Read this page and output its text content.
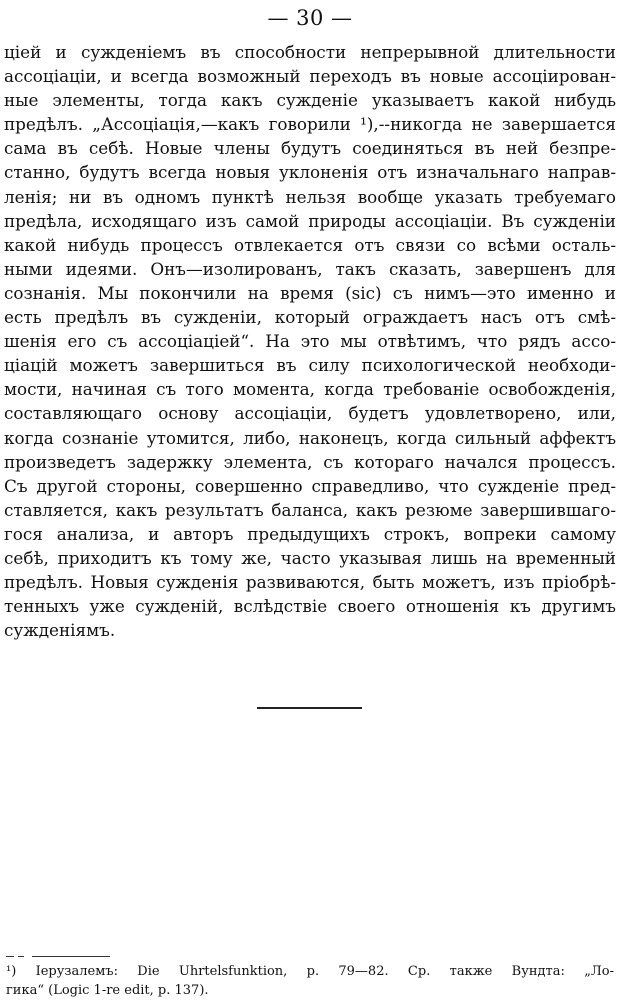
— 30 —
ціей и сужденіемъ въ способности непрерывной длительности
ассоціаціи, и всегда возможный переходъ въ новые ассоціирован-
ные элементы, тогда какъ сужденіе указываетъ какой нибудь
предѣлъ. „Ассоціація,—какъ говорили ¹),--никогда не завершается
сама въ себѣ. Новые члены будутъ соединяться въ ней безпре-
станно, будутъ всегда новыя уклоненія отъ изначальнаго направ-
ленія; ни въ одномъ пунктѣ нельзя вообще указать требуемаго
предѣла, исходящаго изъ самой природы ассоціаціи. Въ сужденіи
какой нибудь процессъ отвлекается отъ связи со всѣми осталь-
ными идеями. Онъ—изолированъ, такъ сказать, завершенъ для
сознанія. Мы покончили на время (sic) съ нимъ—это именно и
есть предѣлъ въ сужденіи, который ограждаетъ насъ отъ смѣ-
шенія его съ ассоціаціей“. На это мы отвѣтимъ, что рядъ ассо-
ціацій можетъ завершиться въ силу психологической необходи-
мости, начиная съ того момента, когда требованіе освобожденія,
составляющаго основу ассоціаціи, будетъ удовлетворено, или,
когда сознаніе утомится, либо, наконецъ, когда сильный аффектъ
произведетъ задержку элемента, съ котораго начался процессъ.
Съ другой стороны, совершенно справедливо, что сужденіе пред-
ставляется, какъ результатъ баланса, какъ резюме завершившаго-
гося анализа, и авторъ предыдущихъ строкъ, вопреки самому
себѣ, приходитъ къ тому же, часто указывая лишь на временный
предѣлъ. Новыя сужденія развиваются, быть можетъ, изъ пріобрѣ-
тенныхъ уже сужденій, вслѣдствіе своего отношенія къ другимъ
сужденіямъ.
¹) Іерузалемъ: Die Uhrtelsfunktion, p. 79—82. Ср. также Вундта: „Ло-
гика“ (Logic 1-re edit, p. 137).
